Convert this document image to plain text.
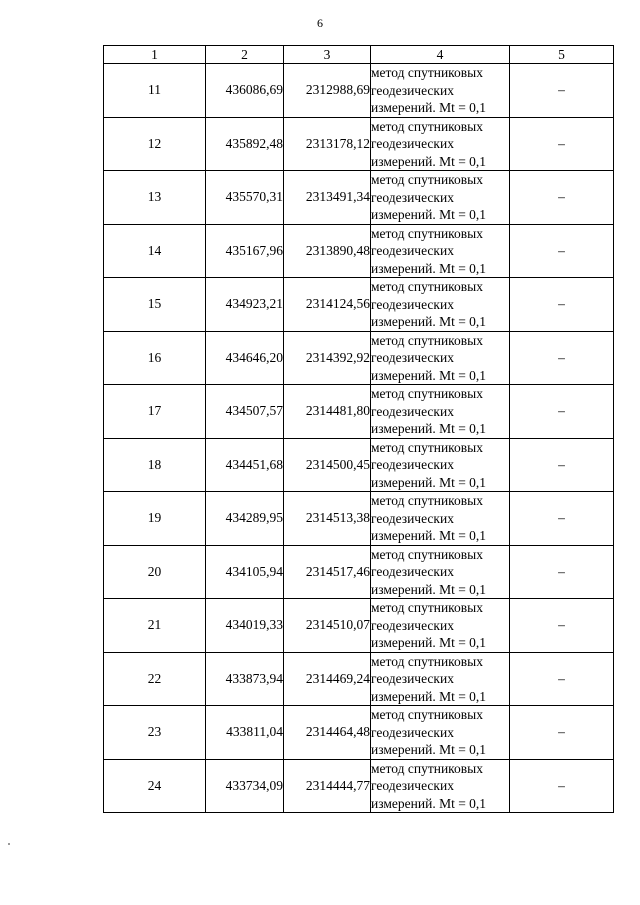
6
1	2	3	4	5
11	436086,69	2312988,69	метод спутниковых
геодезических
измерений. Mt = 0,1	–
12	435892,48	2313178,12	метод спутниковых
геодезических
измерений. Mt = 0,1	–
13	435570,31	2313491,34	метод спутниковых
геодезических
измерений. Mt = 0,1	–
14	435167,96	2313890,48	метод спутниковых
геодезических
измерений. Mt = 0,1	–
15	434923,21	2314124,56	метод спутниковых
геодезических
измерений. Mt = 0,1	–
16	434646,20	2314392,92	метод спутниковых
геодезических
измерений. Mt = 0,1	–
17	434507,57	2314481,80	метод спутниковых
геодезических
измерений. Mt = 0,1	–
18	434451,68	2314500,45	метод спутниковых
геодезических
измерений. Mt = 0,1	–
19	434289,95	2314513,38	метод спутниковых
геодезических
измерений. Mt = 0,1	–
20	434105,94	2314517,46	метод спутниковых
геодезических
измерений. Mt = 0,1	–
21	434019,33	2314510,07	метод спутниковых
геодезических
измерений. Mt = 0,1	–
22	433873,94	2314469,24	метод спутниковых
геодезических
измерений. Mt = 0,1	–
23	433811,04	2314464,48	метод спутниковых
геодезических
измерений. Mt = 0,1	–
24	433734,09	2314444,77	метод спутниковых
геодезических
измерений. Mt = 0,1	–
